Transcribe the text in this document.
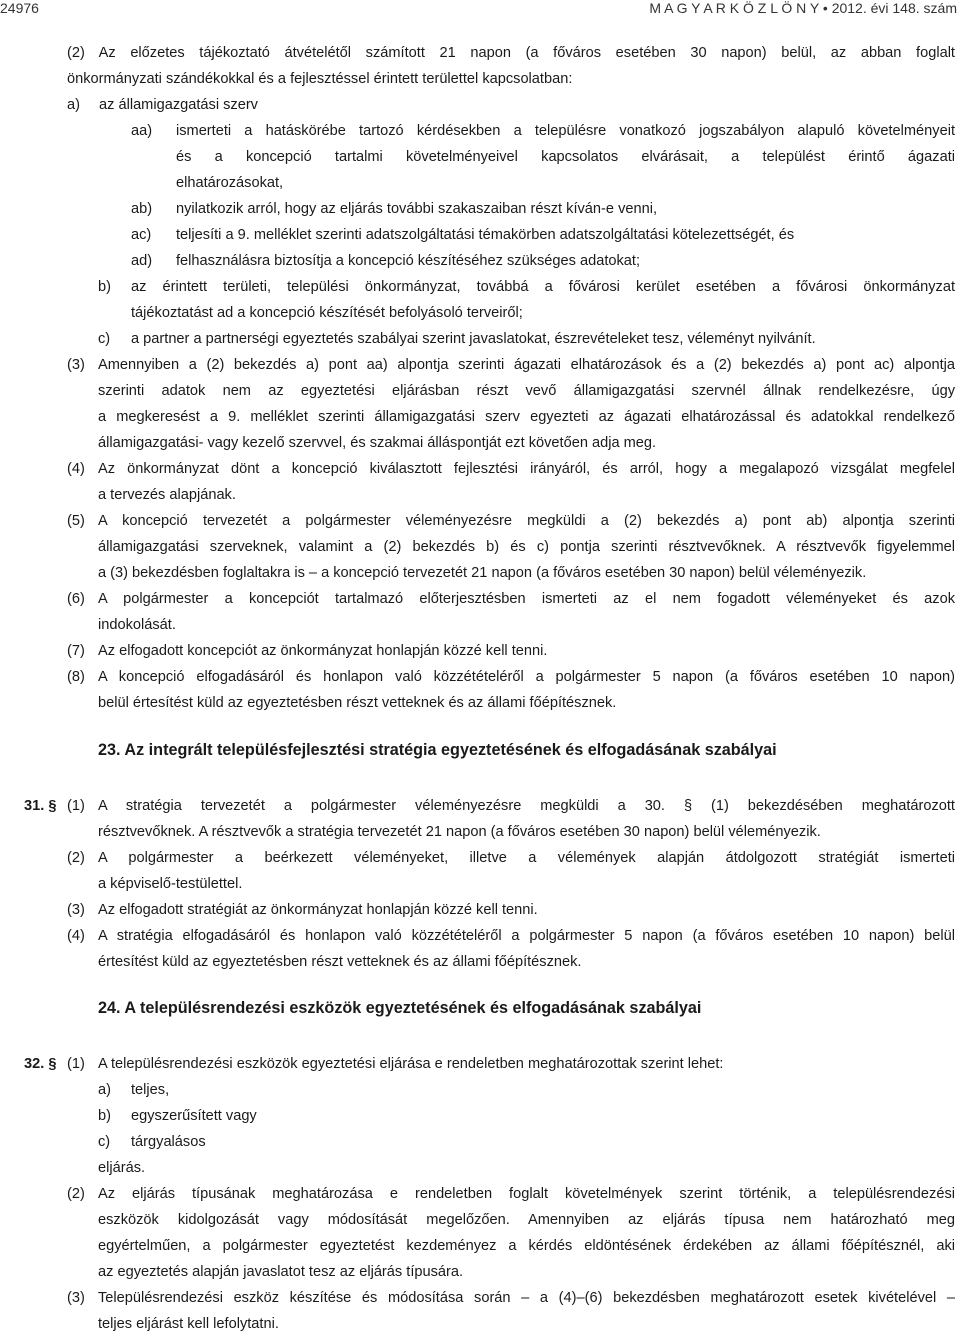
24976	M A G Y A R K Ö Z L Ö N Y • 2012. évi 148. szám
(2) Az előzetes tájékoztató átvételétől számított 21 napon (a főváros esetében 30 napon) belül, az abban foglalt
önkormányzati szándékokkal és a fejlesztéssel érintett területtel kapcsolatban:
a) az államigazgatási szerv
aa) ismerteti a hatáskörébe tartozó kérdésekben a településre vonatkozó jogszabályon alapuló követelményeit
és a koncepció tartalmi követelményeivel kapcsolatos elvárásait, a települést érintő ágazati
elhatározásokat,
ab) nyilatkozik arról, hogy az eljárás további szakaszaiban részt kíván-e venni,
ac) teljesíti a 9. melléklet szerinti adatszolgáltatási témakörben adatszolgáltatási kötelezettségét, és
ad) felhasználásra biztosítja a koncepció készítéséhez szükséges adatokat;
b) az érintett területi, települési önkormányzat, továbbá a fővárosi kerület esetében a fővárosi önkormányzat
tájékoztatást ad a koncepció készítését befolyásoló terveiről;
c) a partner a partnerségi egyeztetés szabályai szerint javaslatokat, észrevételeket tesz, véleményt nyilvánít.
(3) Amennyiben a (2) bekezdés a) pont aa) alpontja szerinti ágazati elhatározások és a (2) bekezdés a) pont ac) alpontja
szerinti adatok nem az egyeztetési eljárásban részt vevő államigazgatási szervnél állnak rendelkezésre, úgy
a megkeresést a 9. melléklet szerinti államigazgatási szerv egyezteti az ágazati elhatározással és adatokkal rendelkező
államigazgatási- vagy kezelő szervvel, és szakmai álláspontját ezt követően adja meg.
(4) Az önkormányzat dönt a koncepció kiválasztott fejlesztési irányáról, és arról, hogy a megalapozó vizsgálat megfelel
a tervezés alapjának.
(5) A koncepció tervezetét a polgármester véleményezésre megküldi a (2) bekezdés a) pont ab) alpontja szerinti
államigazgatási szerveknek, valamint a (2) bekezdés b) és c) pontja szerinti résztvevőknek. A résztvevők figyelemmel
a (3) bekezdésben foglaltakra is – a koncepció tervezetét 21 napon (a főváros esetében 30 napon) belül véleményezik.
(6) A polgármester a koncepciót tartalmazó előterjesztésben ismerteti az el nem fogadott véleményeket és azok
indokolását.
(7) Az elfogadott koncepciót az önkormányzat honlapján közzé kell tenni.
(8) A koncepció elfogadásáról és honlapon való közzétételéről a polgármester 5 napon (a főváros esetében 10 napon)
belül értesítést küld az egyeztetésben részt vetteknek és az állami főépítésznek.
31. § (1) A stratégia tervezetét a polgármester véleményezésre megküldi a 30. § (1) bekezdésében meghatározott
résztvevőknek. A résztvevők a stratégia tervezetét 21 napon (a főváros esetében 30 napon) belül véleményezik.
(2) A polgármester a beérkezett véleményeket, illetve a vélemények alapján átdolgozott stratégiát ismerteti
a képviselő-testülettel.
(3) Az elfogadott stratégiát az önkormányzat honlapján közzé kell tenni.
(4) A stratégia elfogadásáról és honlapon való közzétételéről a polgármester 5 napon (a főváros esetében 10 napon) belül
értesítést küld az egyeztetésben részt vetteknek és az állami főépítésznek.
32. § (1) A településrendezési eszközök egyeztetési eljárása e rendeletben meghatározottak szerint lehet:
a) teljes,
b) egyszerűsített vagy
c) tárgyalásos
eljárás.
(2) Az eljárás típusának meghatározása e rendeletben foglalt követelmények szerint történik, a településrendezési
eszközök kidolgozását vagy módosítását megelőzően. Amennyiben az eljárás típusa nem határozható meg
egyértelműen, a polgármester egyeztetést kezdeményez a kérdés eldöntésének érdekében az állami főépítésznél, aki
az egyeztetés alapján javaslatot tesz az eljárás típusára.
(3) Településrendezési eszköz készítése és módosítása során – a (4)–(6) bekezdésben meghatározott esetek kivételével –
teljes eljárást kell lefolytatni.
23. Az integrált településfejlesztési stratégia egyeztetésének és elfogadásának szabályai
24. A településrendezési eszközök egyeztetésének és elfogadásának szabályai
